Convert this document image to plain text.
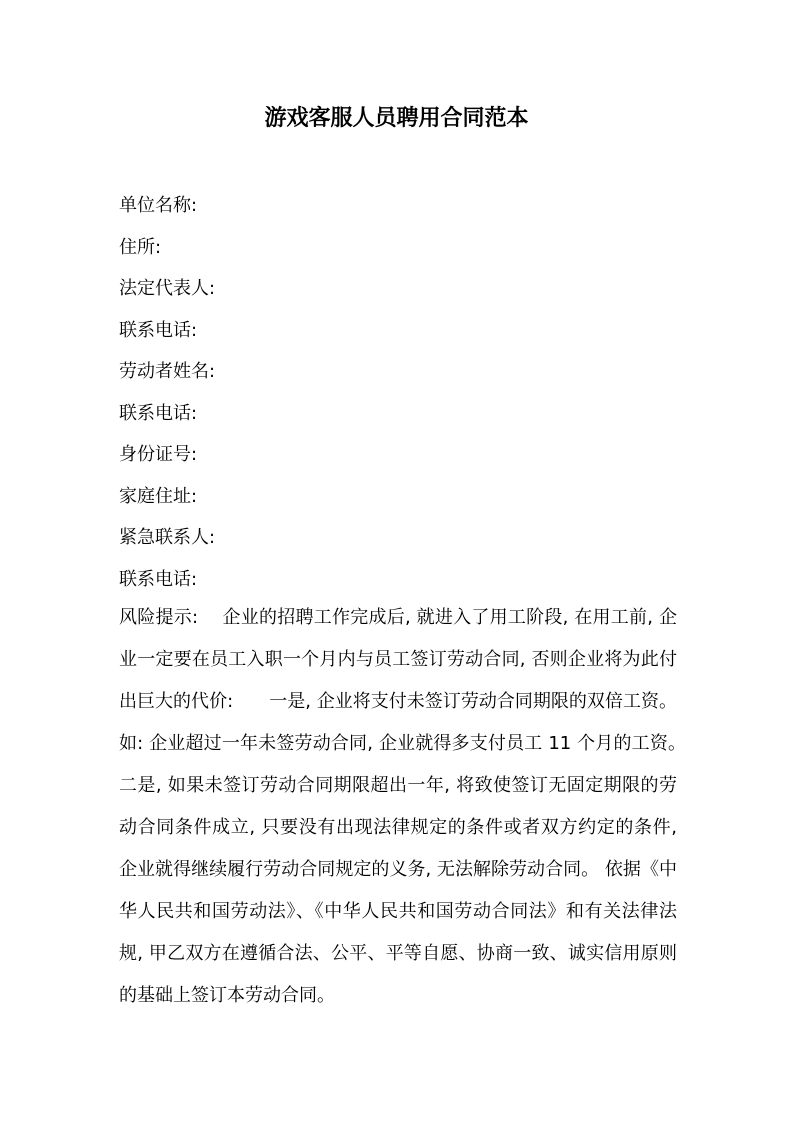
游戏客服人员聘用合同范本
单位名称:
住所:
法定代表人:
联系电话:
劳动者姓名:
联系电话:
身份证号:
家庭住址:
紧急联系人:
联系电话:
风险提示:　 企业的招聘工作完成后, 就进入了用工阶段, 在用工前, 企业一定要在员工入职一个月内与员工签订劳动合同, 否则企业将为此付出巨大的代价:　　一是, 企业将支付未签订劳动合同期限的双倍工资。如: 企业超过一年未签劳动合同, 企业就得多支付员工 11 个月的工资。　　二是, 如果未签订劳动合同期限超出一年, 将致使签订无固定期限的劳动合同条件成立, 只要没有出现法律规定的条件或者双方约定的条件, 企业就得继续履行劳动合同规定的义务, 无法解除劳动合同。 依据《中华人民共和国劳动法》、《中华人民共和国劳动合同法》和有关法律法规, 甲乙双方在遵循合法、公平、平等自愿、协商一致、诚实信用原则的基础上签订本劳动合同。
